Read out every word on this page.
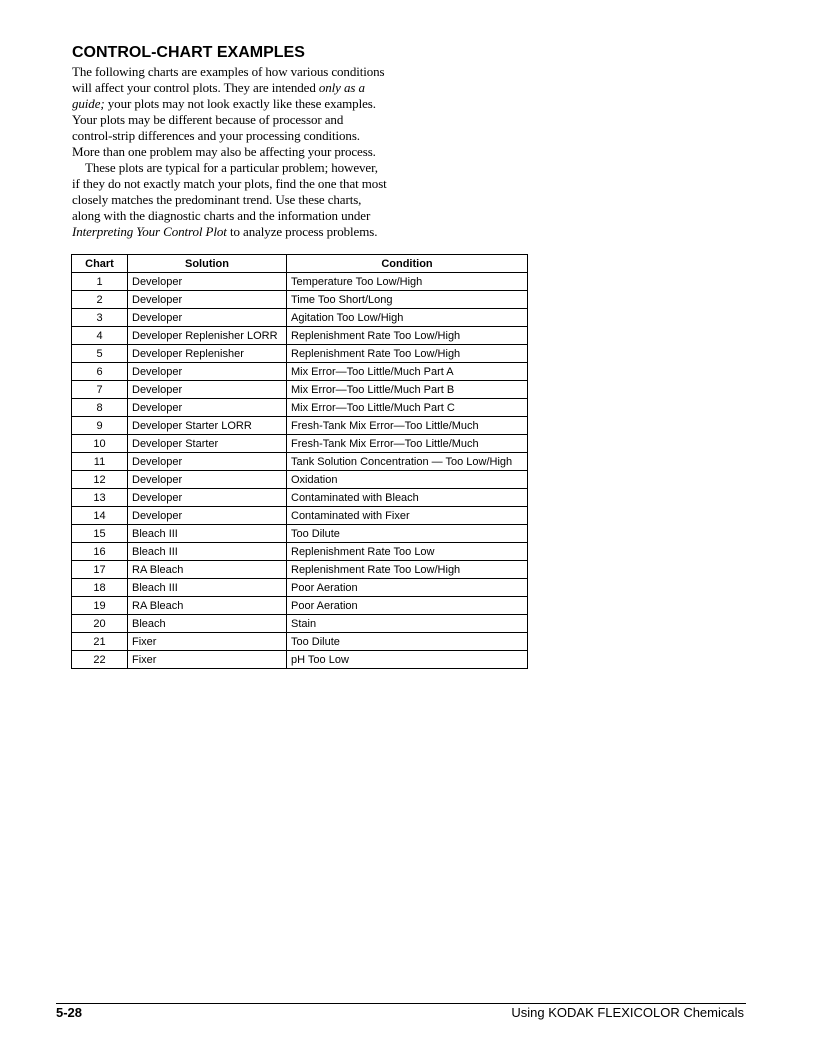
CONTROL-CHART EXAMPLES
The following charts are examples of how various conditions
will affect your control plots. They are intended only as a
guide; your plots may not look exactly like these examples.
Your plots may be different because of processor and
control-strip differences and your processing conditions.
More than one problem may also be affecting your process.
These plots are typical for a particular problem; however,
if they do not exactly match your plots, find the one that most
closely matches the predominant trend. Use these charts,
along with the diagnostic charts and the information under
Interpreting Your Control Plot to analyze process problems.
Chart	Solution	Condition
1	Developer	Temperature Too Low/High
2	Developer	Time Too Short/Long
3	Developer	Agitation Too Low/High
4	Developer Replenisher LORR	Replenishment Rate Too Low/High
5	Developer Replenisher	Replenishment Rate Too Low/High
6	Developer	Mix Error—Too Little/Much Part A
7	Developer	Mix Error—Too Little/Much Part B
8	Developer	Mix Error—Too Little/Much Part C
9	Developer Starter LORR	Fresh-Tank Mix Error—Too Little/Much
10	Developer Starter	Fresh-Tank Mix Error—Too Little/Much
11	Developer	Tank Solution Concentration — Too Low/High
12	Developer	Oxidation
13	Developer	Contaminated with Bleach
14	Developer	Contaminated with Fixer
15	Bleach III	Too Dilute
16	Bleach III	Replenishment Rate Too Low
17	RA Bleach	Replenishment Rate Too Low/High
18	Bleach III	Poor Aeration
19	RA Bleach	Poor Aeration
20	Bleach	Stain
21	Fixer	Too Dilute
22	Fixer	pH Too Low
5-28	Using KODAK FLEXICOLOR Chemicals
